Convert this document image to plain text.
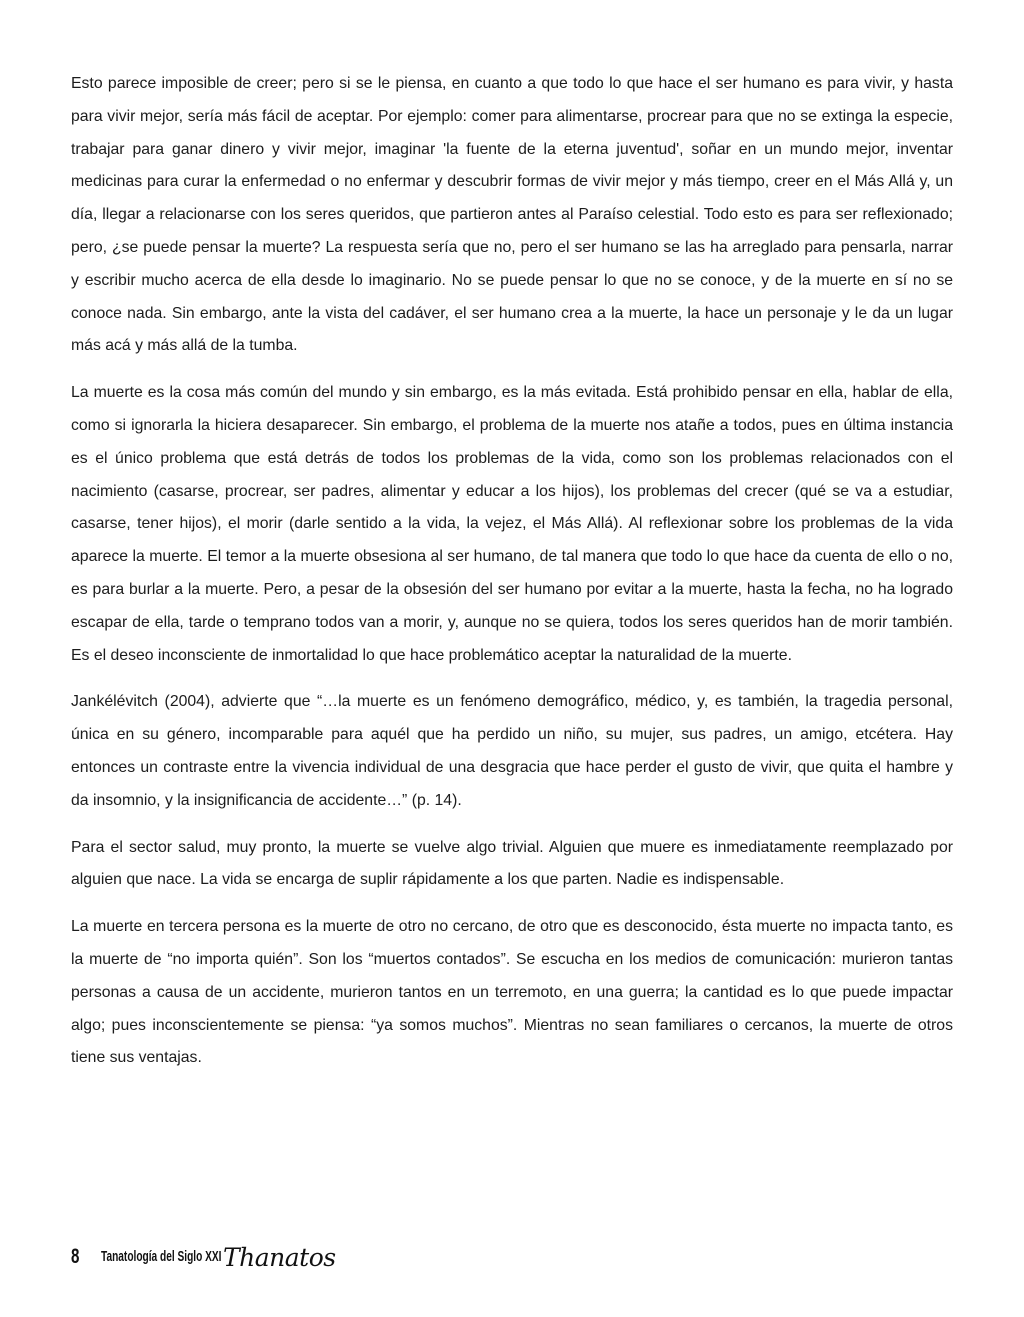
Esto parece imposible de creer; pero si se le piensa, en cuanto a que todo lo que hace el ser humano es para vivir, y hasta para vivir mejor, sería más fácil de aceptar. Por ejemplo: comer para alimentarse, procrear para que no se extinga la especie, trabajar para ganar dinero y vivir mejor, imaginar 'la fuente de la eterna juventud', soñar en un mundo mejor, inventar medicinas para curar la enfermedad o no enfermar y descubrir formas de vivir mejor y más tiempo, creer en el Más Allá y, un día, llegar a relacionarse con los seres queridos, que partieron antes al Paraíso celestial. Todo esto es para ser reflexionado; pero, ¿se puede pensar la muerte? La respuesta sería que no, pero el ser humano se las ha arreglado para pensarla, narrar y escribir mucho acerca de ella desde lo imaginario. No se puede pensar lo que no se conoce, y de la muerte en sí no se conoce nada. Sin embargo, ante la vista del cadáver, el ser humano crea a la muerte, la hace un personaje y le da un lugar más acá y más allá de la tumba.

La muerte es la cosa más común del mundo y sin embargo, es la más evitada. Está prohibido pensar en ella, hablar de ella, como si ignorarla la hiciera desaparecer. Sin embargo, el problema de la muerte nos atañe a todos, pues en última instancia es el único problema que está detrás de todos los problemas de la vida, como son los problemas relacionados con el nacimiento (casarse, procrear, ser padres, alimentar y educar a los hijos), los problemas del crecer (qué se va a estudiar, casarse, tener hijos), el morir (darle sentido a la vida, la vejez, el Más Allá). Al reflexionar sobre los problemas de la vida aparece la muerte. El temor a la muerte obsesiona al ser humano, de tal manera que todo lo que hace da cuenta de ello o no, es para burlar a la muerte. Pero, a pesar de la obsesión del ser humano por evitar a la muerte, hasta la fecha, no ha logrado escapar de ella, tarde o temprano todos van a morir, y, aunque no se quiera, todos los seres queridos han de morir también. Es el deseo inconsciente de inmortalidad lo que hace problemático aceptar la naturalidad de la muerte.

Jankélévitch (2004), advierte que “…la muerte es un fenómeno demográfico, médico, y, es también, la tragedia personal, única en su género, incomparable para aquél que ha perdido un niño, su mujer, sus padres, un amigo, etcétera. Hay entonces un contraste entre la vivencia individual de una desgracia que hace perder el gusto de vivir, que quita el hambre y da insomnio, y la insignificancia de accidente…” (p. 14).

Para el sector salud, muy pronto, la muerte se vuelve algo trivial. Alguien que muere es inmediatamente reemplazado por alguien que nace. La vida se encarga de suplir rápidamente a los que parten. Nadie es indispensable.

La muerte en tercera persona es la muerte de otro no cercano, de otro que es desconocido, ésta muerte no impacta tanto, es la muerte de “no importa quién”. Son los “muertos contados”. Se escucha en los medios de comunicación: murieron tantas personas a causa de un accidente, murieron tantos en un terremoto, en una guerra; la cantidad es lo que puede impactar algo; pues inconscientemente se piensa: “ya somos muchos”. Mientras no sean familiares o cercanos, la muerte de otros tiene sus ventajas.

8 Tanatología del Siglo XXI Thanatos
